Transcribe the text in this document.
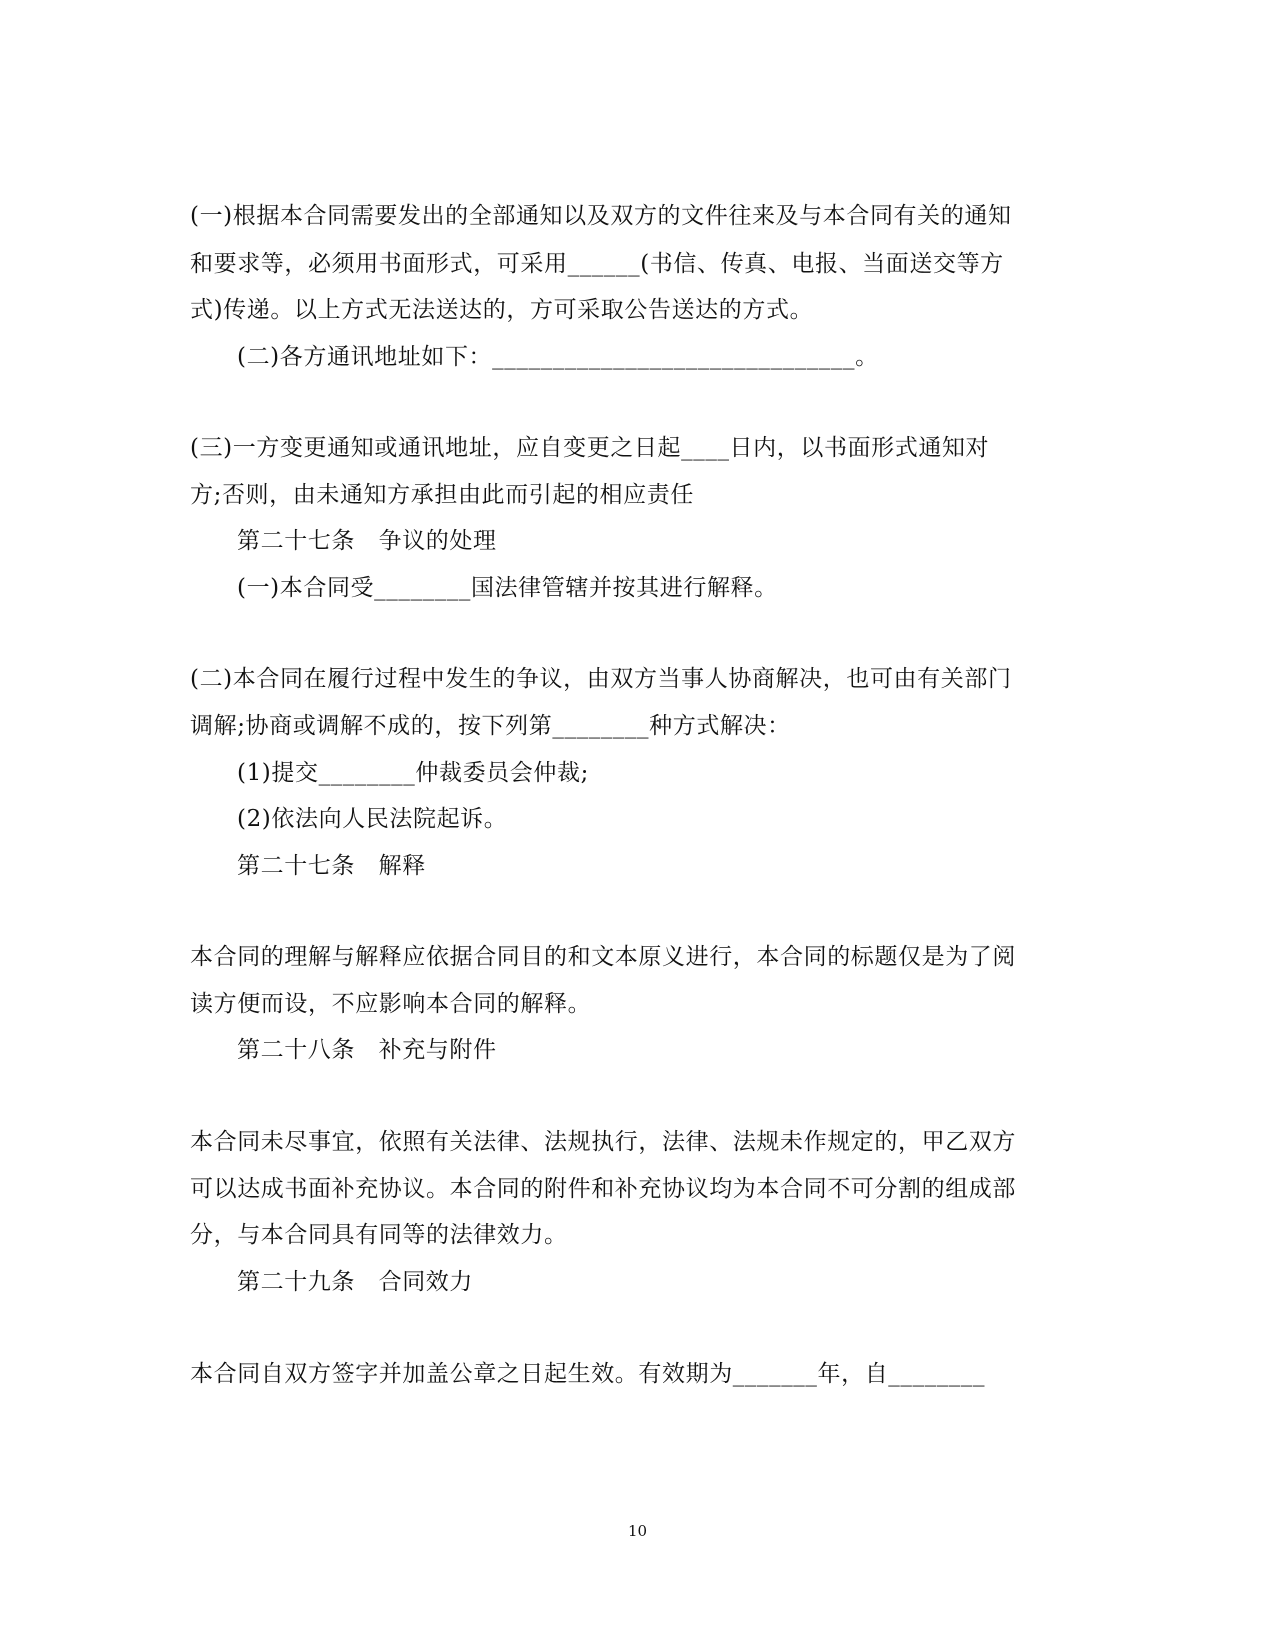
(一)根据本合同需要发出的全部通知以及双方的文件往来及与本合同有关的通知
和要求等，必须用书面形式，可采用______(书信、传真、电报、当面送交等方
式)传递。以上方式无法送达的，方可采取公告送达的方式。
(二)各方通讯地址如下：______________________________。
(三)一方变更通知或通讯地址，应自变更之日起____日内，以书面形式通知对
方;否则，由未通知方承担由此而引起的相应责任
第二十七条　争议的处理
(一)本合同受________国法律管辖并按其进行解释。
(二)本合同在履行过程中发生的争议，由双方当事人协商解决，也可由有关部门
调解;协商或调解不成的，按下列第________种方式解决：
(1)提交________仲裁委员会仲裁;
(2)依法向人民法院起诉。
第二十七条　解释
本合同的理解与解释应依据合同目的和文本原义进行，本合同的标题仅是为了阅
读方便而设，不应影响本合同的解释。
第二十八条　补充与附件
本合同未尽事宜，依照有关法律、法规执行，法律、法规未作规定的，甲乙双方
可以达成书面补充协议。本合同的附件和补充协议均为本合同不可分割的组成部
分，与本合同具有同等的法律效力。
第二十九条　合同效力
本合同自双方签字并加盖公章之日起生效。有效期为_______年，自________
10
